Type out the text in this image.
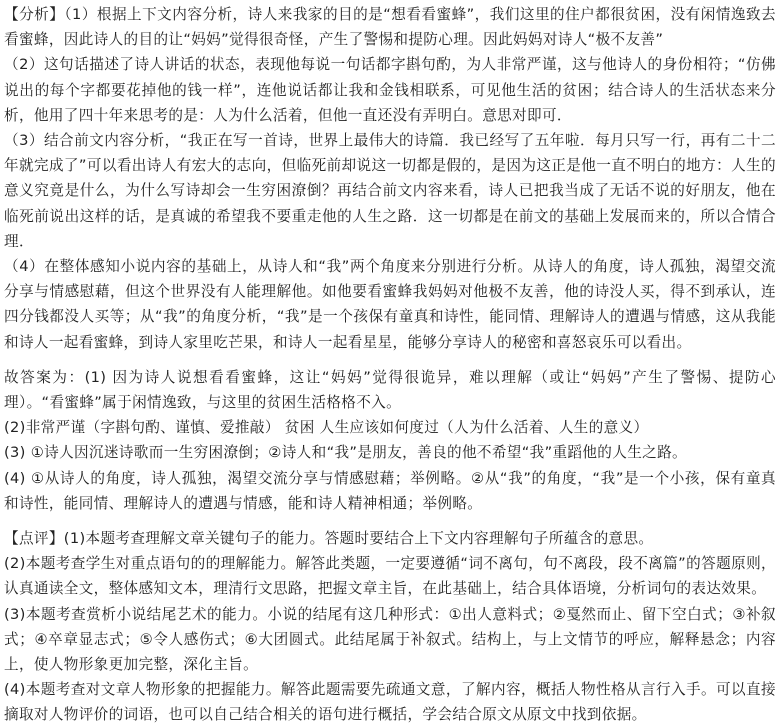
【分析】（1）根据上下文内容分析，诗人来我家的目的是“想看看蜜蜂”，我们这里的住户都很贫困，没有闲情逸致去看蜜蜂，因此诗人的目的让“妈妈”觉得很奇怪，产生了警惕和提防心理。因此妈妈对诗人“极不友善”

（2）这句话描述了诗人讲话的状态，表现他每说一句话都字斟句酌，为人非常严谨，这与他诗人的身份相符；“仿佛说出的每个字都要花掉他的钱一样”，连他说话都让我和金钱相联系，可见他生活的贫困；结合诗人的生活状态来分析，他用了四十年来思考的是：人为什么活着，但他一直还没有弄明白。意思对即可．

（3）结合前文内容分析，“我正在写一首诗，世界上最伟大的诗篇．我已经写了五年啦．每月只写一行，再有二十二年就完成了”可以看出诗人有宏大的志向，但临死前却说这一切都是假的，是因为这正是他一直不明白的地方：人生的意义究竟是什么，为什么写诗却会一生穷困潦倒？再结合前文内容来看，诗人已把我当成了无话不说的好朋友，他在临死前说出这样的话，是真诚的希望我不要重走他的人生之路．这一切都是在前文的基础上发展而来的，所以合情合理．

（4）在整体感知小说内容的基础上，从诗人和“我”两个角度来分别进行分析。从诗人的角度，诗人孤独，渴望交流分享与情感慰藉，但这个世界没有人能理解他。如他要看蜜蜂我妈妈对他极不友善，他的诗没人买，得不到承认，连四分钱都没人买等；从“我”的角度分析，“我”是一个孩保有童真和诗性，能同情、理解诗人的遭遇与情感，这从我能和诗人一起看蜜蜂，到诗人家里吃芒果，和诗人一起看星星，能够分享诗人的秘密和喜怒哀乐可以看出。

故答案为：(1) 因为诗人说想看看蜜蜂，这让“妈妈”觉得很诡异，难以理解（或让“妈妈”产生了警惕、提防心理）。“看蜜蜂”属于闲情逸致，与这里的贫困生活格格不入。

(2)非常严谨（字斟句酌、谨慎、爱推敲） 贫困 人生应该如何度过（人为什么活着、人生的意义）

(3) ①诗人因沉迷诗歌而一生穷困潦倒；②诗人和“我”是朋友，善良的他不希望“我”重蹈他的人生之路。

(4) ①从诗人的角度，诗人孤独，渴望交流分享与情感慰藉；举例略。②从“我”的角度，“我”是一个小孩，保有童真和诗性，能同情、理解诗人的遭遇与情感，能和诗人精神相通；举例略。

【点评】(1)本题考查理解文章关键句子的能力。答题时要结合上下文内容理解句子所蕴含的意思。

(2)本题考查学生对重点语句的的理解能力。解答此类题，一定要遵循“词不离句，句不离段，段不离篇”的答题原则，认真通读全文，整体感知文本，理清行文思路，把握文章主旨，在此基础上，结合具体语境，分析词句的表达效果。

(3)本题考查赏析小说结尾艺术的能力。小说的结尾有这几种形式：①出人意料式；②戛然而止、留下空白式；③补叙式；④卒章显志式；⑤令人感伤式；⑥大团圆式。此结尾属于补叙式。结构上，与上文情节的呼应，解释悬念；内容上，使人物形象更加完整，深化主旨。

(4)本题考查对文章人物形象的把握能力。解答此题需要先疏通文意，了解内容，概括人物性格从言行入手。可以直接摘取对人物评价的词语，也可以自己结合相关的语句进行概括，学会结合原文从原文中找到依据。
